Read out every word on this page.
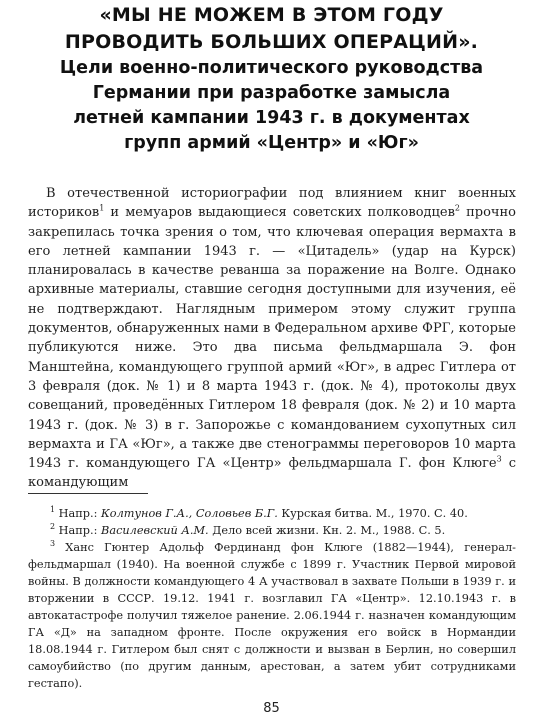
«МЫ НЕ МОЖЕМ В ЭТОМ ГОДУ

ПРОВОДИТЬ БОЛЬШИХ ОПЕРАЦИЙ».

Цели военно-политического руководства

Германии при разработке замысла

летней кампании 1943 г. в документах

групп армий «Центр» и «Юг»

В отечественной историографии под влиянием книг военных историков$^1$ и мемуаров выдающиеся советских полководцев$^2$ прочно закрепилась точка зрения о том, что ключевая операция вермахта в его летней кампании 1943 г. — «Цитадель» (удар на Курск) планировалась в качестве реванша за поражение на Волге. Однако архивные материалы, ставшие сегодня доступными для изучения, её не подтверждают. Наглядным примером этому служит группа документов, обнаруженных нами в Федеральном архиве ФРГ, которые публикуются ниже. Это два письма фельдмаршала Э. фон Манштейна, командующего группой армий «Юг», в адрес Гитлера от 3 февраля (док. № 1) и 8 марта 1943 г. (док. № 4), протоколы двух совещаний, проведённых Гитлером 18 февраля (док. № 2) и 10 марта 1943 г. (док. № 3) в г. Запорожье с командованием сухопутных сил вермахта и ГА «Юг», а также две стенограммы переговоров 10 марта 1943 г. командующего ГА «Центр» фельдмаршала Г. фон Клюге$^3$ с командующим

$^1$ Напр.: Колтунов Г.А., Соловьев Б.Г. Курская битва. М., 1970. С. 40.

$^2$ Напр.: Василевский А.М. Дело всей жизни. Кн. 2. М., 1988. С. 5.

$^3$ Ханс Гюнтер Адольф Фердинанд фон Клюге (1882—1944), генерал-фельдмаршал (1940). На военной службе с 1899 г. Участник Первой мировой войны. В должности командующего 4 А участвовал в захвате Польши в 1939 г. и вторжении в СССР. 19.12. 1941 г. возглавил ГА «Центр». 12.10.1943 г. в автокатастрофе получил тяжелое ранение. 2.06.1944 г. назначен командующим ГА «Д» на западном фронте. После окружения его войск в Нормандии 18.08.1944 г. Гитлером был снят с должности и вызван в Берлин, но совершил самоубийство (по другим данным, арестован, а затем убит сотрудниками гестапо).

85
